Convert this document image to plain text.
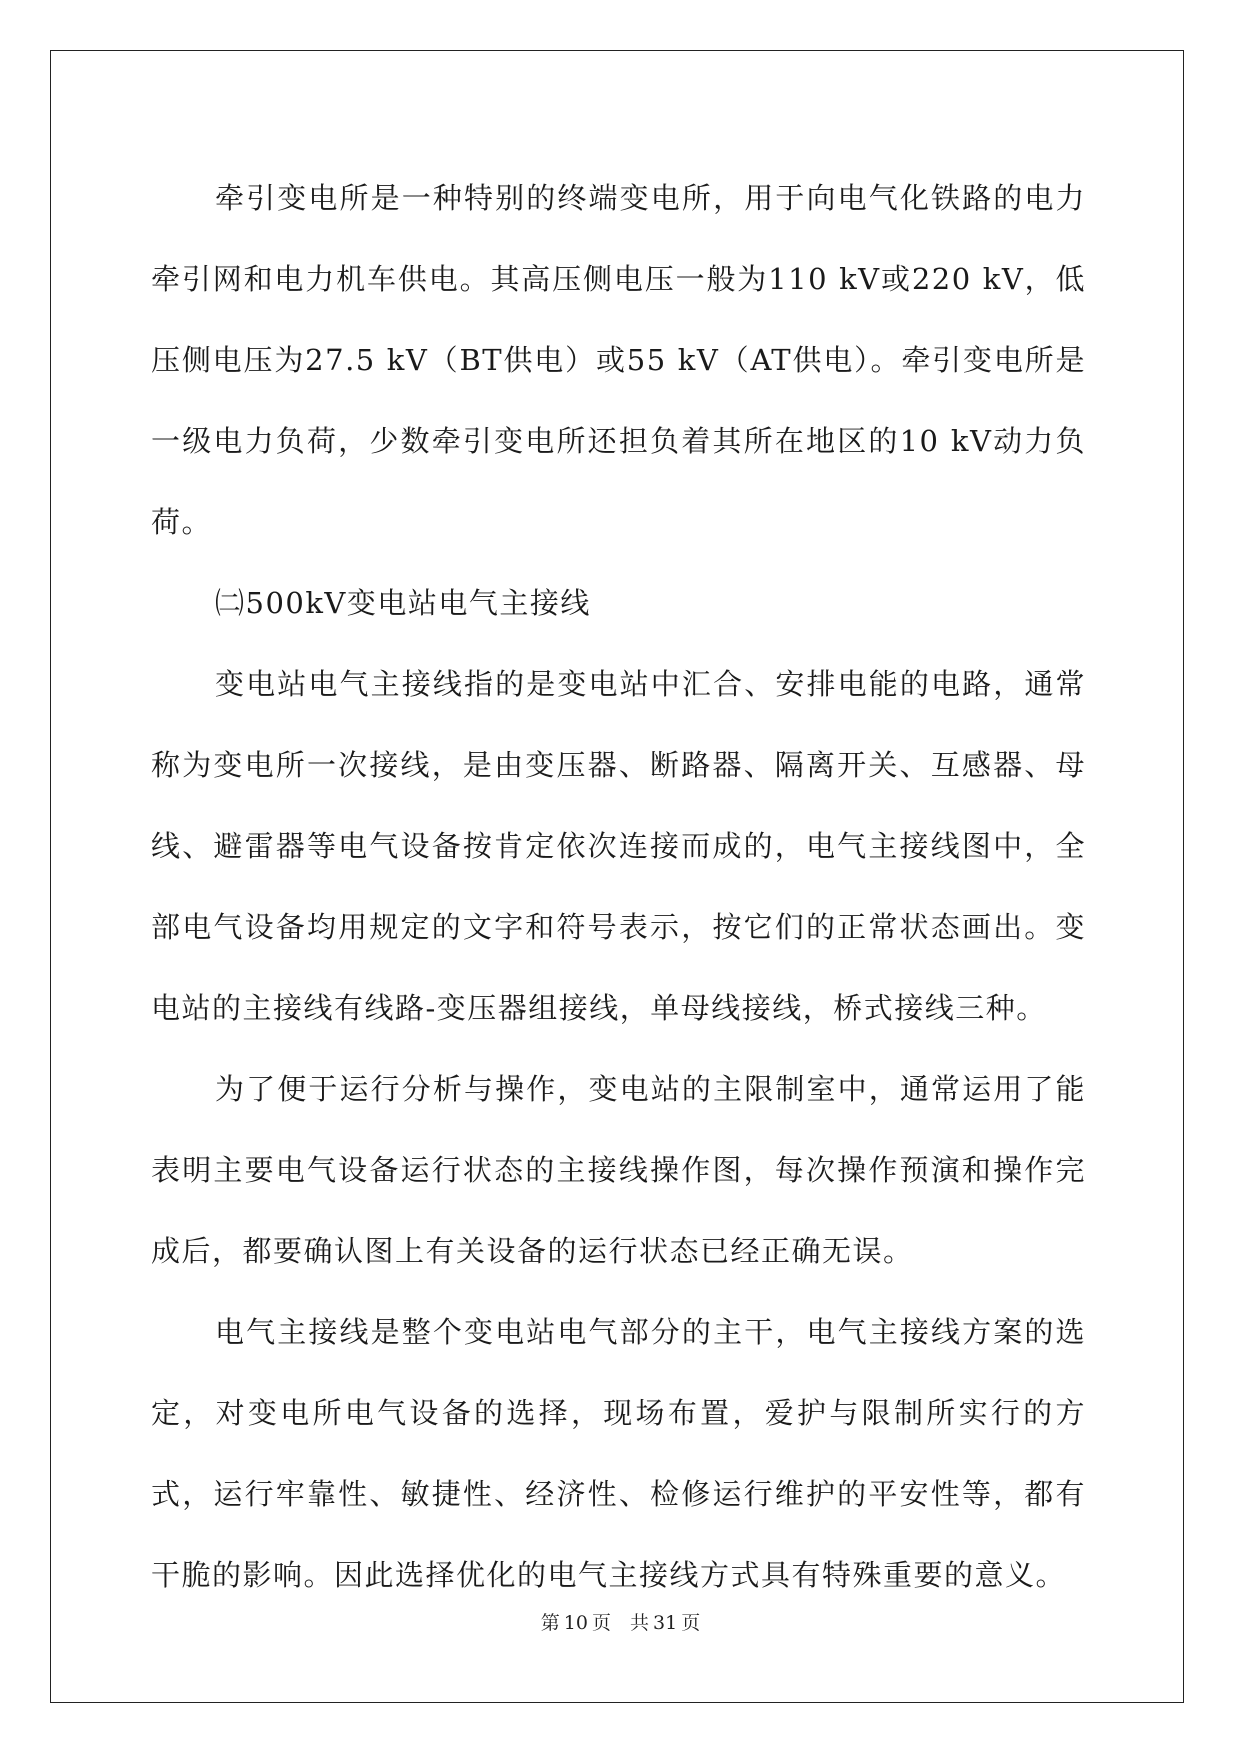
牵引变电所是一种特别的终端变电所，用于向电气化铁路的电力牵引网和电力机车供电。其高压侧电压一般为110 kV或220 kV，低压侧电压为27.5 kV（BT供电）或55 kV（AT供电）。牵引变电所是一级电力负荷，少数牵引变电所还担负着其所在地区的10 kV动力负荷。

㈡500kV变电站电气主接线

变电站电气主接线指的是变电站中汇合、安排电能的电路，通常称为变电所一次接线，是由变压器、断路器、隔离开关、互感器、母线、避雷器等电气设备按肯定依次连接而成的，电气主接线图中，全部电气设备均用规定的文字和符号表示，按它们的正常状态画出。变电站的主接线有线路-变压器组接线，单母线接线，桥式接线三种。

为了便于运行分析与操作，变电站的主限制室中，通常运用了能表明主要电气设备运行状态的主接线操作图，每次操作预演和操作完成后，都要确认图上有关设备的运行状态已经正确无误。

电气主接线是整个变电站电气部分的主干，电气主接线方案的选定，对变电所电气设备的选择，现场布置，爱护与限制所实行的方式，运行牢靠性、敏捷性、经济性、检修运行维护的平安性等，都有干脆的影响。因此选择优化的电气主接线方式具有特殊重要的意义。

第 10 页　共 31 页
